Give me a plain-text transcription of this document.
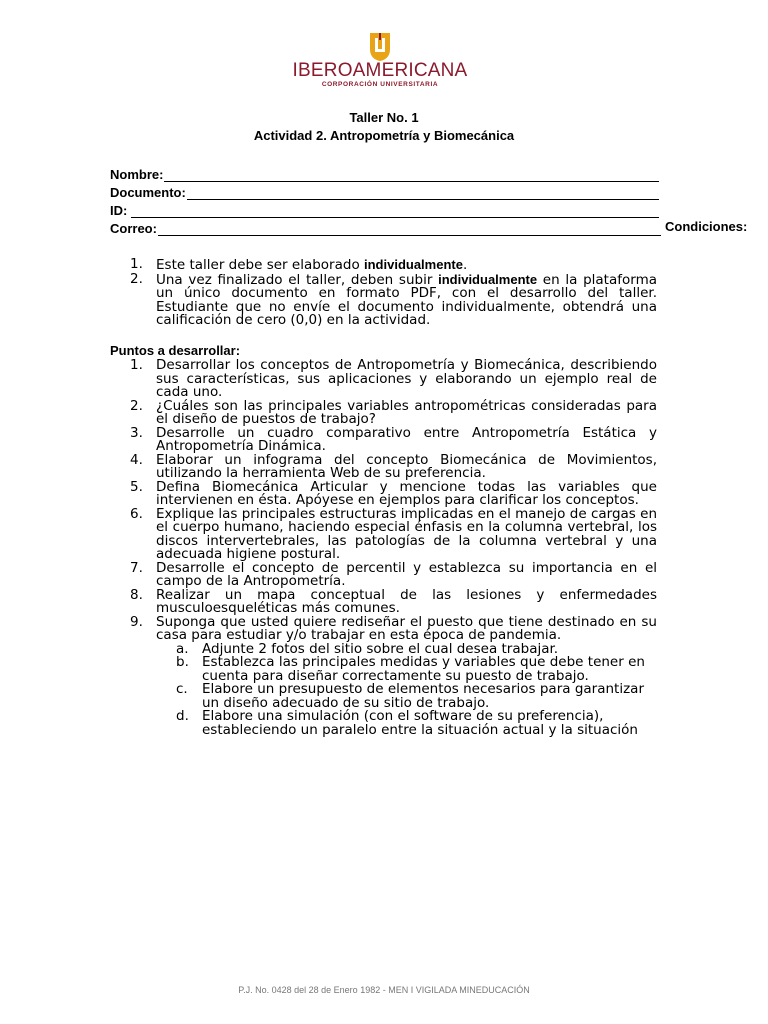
IBEROAMERICANA
CORPORACIÓN UNIVERSITARIA
Taller No. 1
Actividad 2. Antropometría y Biomecánica
Nombre:
Documento:
ID:
Correo:	Condiciones:
1. Este taller debe ser elaborado individualmente.
2. Una vez finalizado el taller, deben subir individualmente en la plataforma un único documento en formato PDF, con el desarrollo del taller. Estudiante que no envíe el documento individualmente, obtendrá una calificación de cero (0,0) en la actividad.
Puntos a desarrollar:
1. Desarrollar los conceptos de Antropometría y Biomecánica, describiendo sus características, sus aplicaciones y elaborando un ejemplo real de cada uno.
2. ¿Cuáles son las principales variables antropométricas consideradas para el diseño de puestos de trabajo?
3. Desarrolle un cuadro comparativo entre Antropometría Estática y Antropometría Dinámica.
4. Elaborar un infograma del concepto Biomecánica de Movimientos, utilizando la herramienta Web de su preferencia.
5. Defina Biomecánica Articular y mencione todas las variables que intervienen en ésta. Apóyese en ejemplos para clarificar los conceptos.
6. Explique las principales estructuras implicadas en el manejo de cargas en el cuerpo humano, haciendo especial énfasis en la columna vertebral, los discos intervertebrales, las patologías de la columna vertebral y una adecuada higiene postural.
7. Desarrolle el concepto de percentil y establezca su importancia en el campo de la Antropometría.
8. Realizar un mapa conceptual de las lesiones y enfermedades musculoesqueléticas más comunes.
9. Suponga que usted quiere rediseñar el puesto que tiene destinado en su casa para estudiar y/o trabajar en esta época de pandemia.
a. Adjunte 2 fotos del sitio sobre el cual desea trabajar.
b. Establezca las principales medidas y variables que debe tener en cuenta para diseñar correctamente su puesto de trabajo.
c.	Elabore un presupuesto de elementos necesarios para garantizar un diseño adecuado de su sitio de trabajo.
d. Elabore una simulación (con el software de su preferencia), estableciendo un paralelo entre la situación actual y la situación
P.J. No. 0428 del 28 de Enero 1982 - MEN I VIGILADA MINEDUCACIÓN
